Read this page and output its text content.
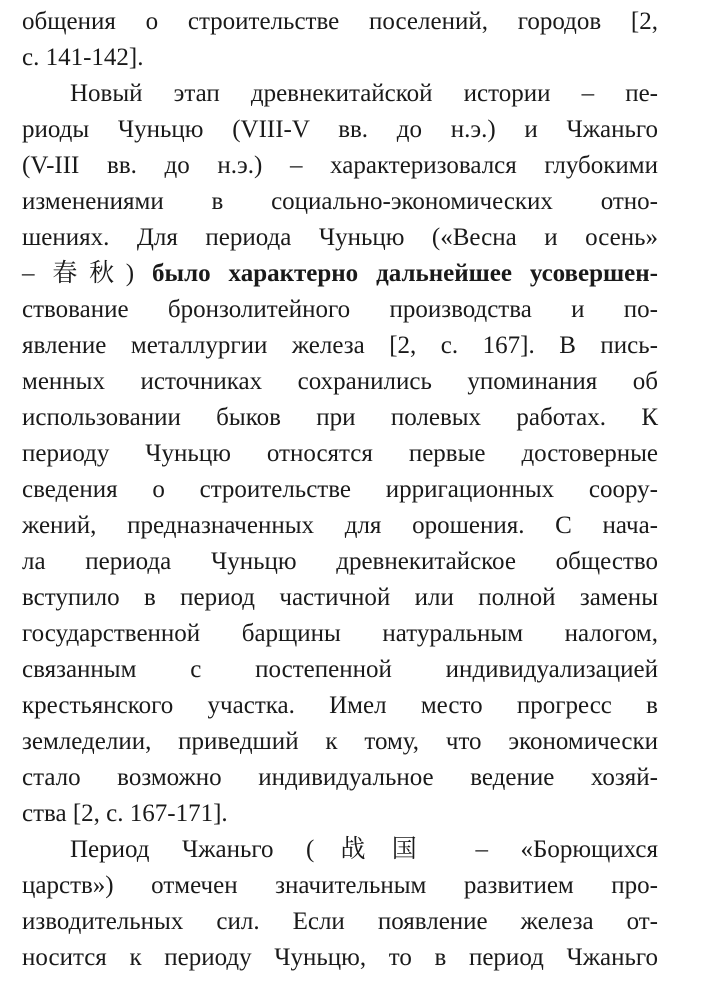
общения о строительстве поселений, городов [2,
с. 141-142].
Новый этап древнекитайской истории – пе-
риоды Чуньцю (VIII-V вв. до н.э.) и Чжаньго
(V-III вв. до н.э.) – характеризовался глубокими
изменениями в социально-экономических отно-
шениях. Для периода Чуньцю («Весна и осень»
– 春秋) было характерно дальнейшее усовершен-
ствование бронзолитейного производства и по-
явление металлургии железа [2, с. 167]. В пись-
менных источниках сохранились упоминания об
использовании быков при полевых работах. К
периоду Чуньцю относятся первые достоверные
сведения о строительстве ирригационных соору-
жений, предназначенных для орошения. С нача-
ла периода Чуньцю древнекитайское общество
вступило в период частичной или полной замены
государственной барщины натуральным налогом,
связанным с постепенной индивидуализацией
крестьянского участка. Имел место прогресс в
земледелии, приведший к тому, что экономически
стало возможно индивидуальное ведение хозяй-
ства [2, с. 167-171].
Период Чжаньго (战国 – «Борющихся
царств») отмечен значительным развитием про-
изводительных сил. Если появление железа от-
носится к периоду Чуньцю, то в период Чжаньго
